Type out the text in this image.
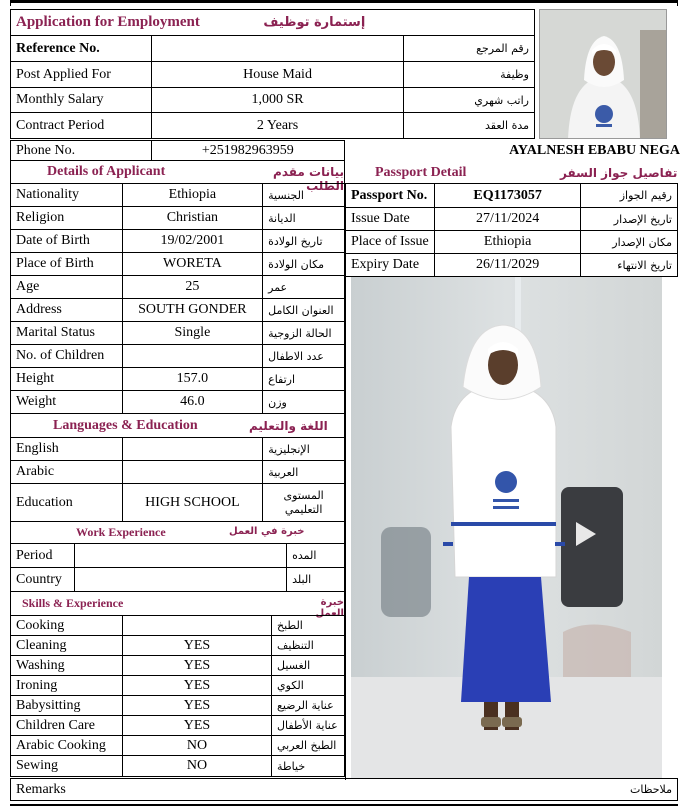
Application for Employment	إستمارة توظيف
Reference No.		رقم المرجع
Post Applied For	House Maid	وظيفة
Monthly Salary	1,000 SR	راتب شهري
Contract Period	2 Years	مدة العقد
Phone No.	+251982963959	AYALNESH EBABU NEGA
Details of Applicant	بيانات مقدم الطلب
Passport Detail	تفاصيل جواز السفر
Nationality	Ethiopia	الجنسية
Religion	Christian	الديانة
Date of Birth	19/02/2001	تاريخ الولادة
Place of Birth	WORETA	مكان الولادة
Age	25	عمر
Address	SOUTH GONDER	العنوان الكامل
Marital Status	Single	الحالة الزوجية
No. of Children		عدد الاطفال
Height	157.0	ارتفاع
Weight	46.0	وزن
Passport No.	EQ1173057	رقيم الجواز
Issue Date	27/11/2024	تاريخ الإصدار
Place of Issue	Ethiopia	مكان الإصدار
Expiry Date	26/11/2029	تاريخ الانتهاء
Languages & Education	اللغة والتعليم
English		الإنجليزية
Arabic		العربية
Education	HIGH SCHOOL	المستوى التعليمي
Work Experience	خبرة في العمل
Period		المده
Country		البلد
Skills & Experience	خبرة العمل
Cooking		الطبخ
Cleaning	YES	التنظيف
Washing	YES	الغسيل
Ironing	YES	الكوي
Babysitting	YES	عناية الرضيع
Children Care	YES	عناية الأطفال
Arabic Cooking	NO	الطبخ العربي
Sewing	NO	خياطة
Remarks	ملاحظات
